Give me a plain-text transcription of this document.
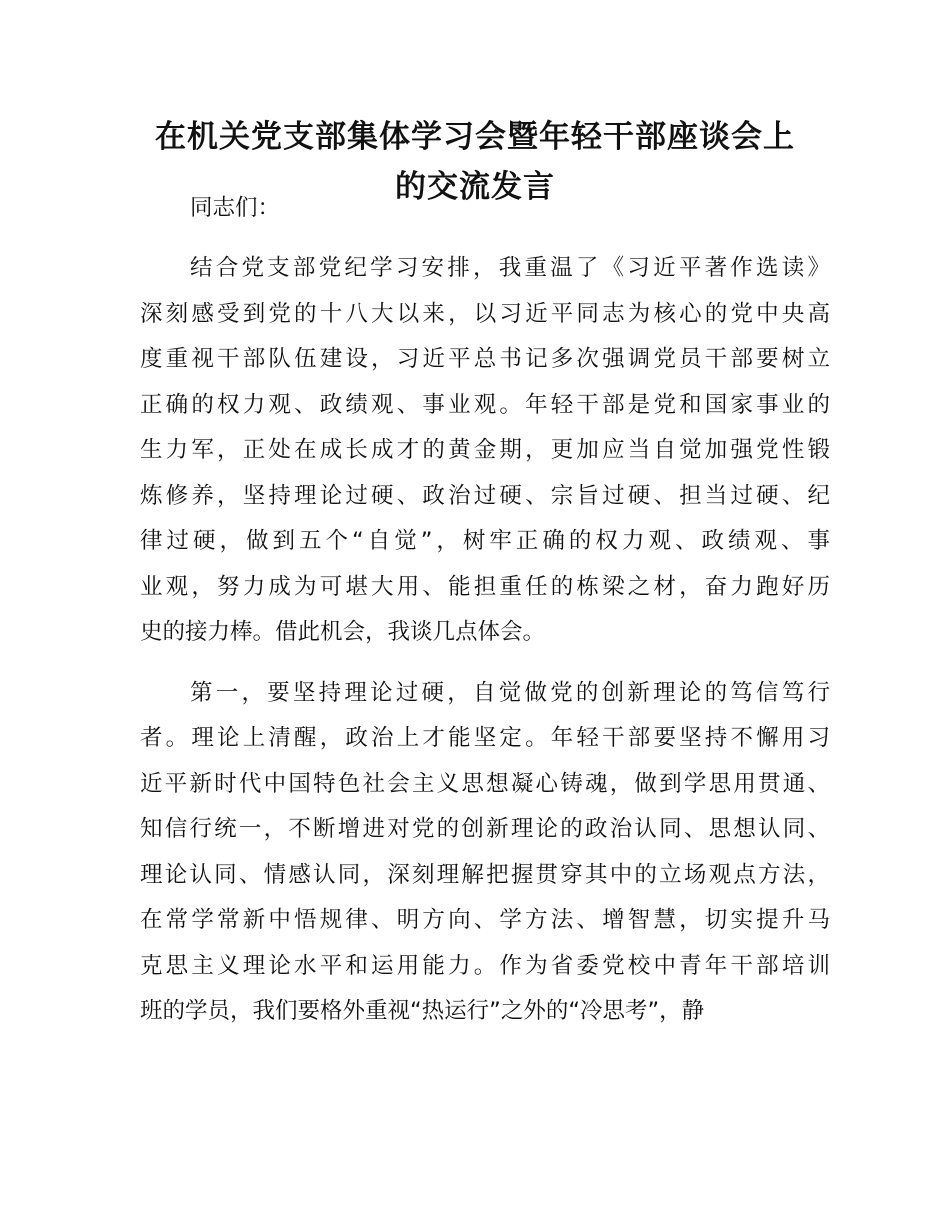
在机关党支部集体学习会暨年轻干部座谈会上
的交流发言

同志们：

结合党支部党纪学习安排，我重温了《习近平著作选读》
深刻感受到党的十八大以来，以习近平同志为核心的党中央高
度重视干部队伍建设，习近平总书记多次强调党员干部要树立
正确的权力观、政绩观、事业观。年轻干部是党和国家事业的
生力军，正处在成长成才的黄金期，更加应当自觉加强党性锻
炼修养，坚持理论过硬、政治过硬、宗旨过硬、担当过硬、纪
律过硬，做到五个“自觉”，树牢正确的权力观、政绩观、事
业观，努力成为可堪大用、能担重任的栋梁之材，奋力跑好历
史的接力棒。借此机会，我谈几点体会。
第一，要坚持理论过硬，自觉做党的创新理论的笃信笃行
者。理论上清醒，政治上才能坚定。年轻干部要坚持不懈用习
近平新时代中国特色社会主义思想凝心铸魂，做到学思用贯通、
知信行统一，不断增进对党的创新理论的政治认同、思想认同、
理论认同、情感认同，深刻理解把握贯穿其中的立场观点方法，
在常学常新中悟规律、明方向、学方法、增智慧，切实提升马
克思主义理论水平和运用能力。作为省委党校中青年干部培训
班的学员，我们要格外重视“热运行”之外的“冷思考”，静
